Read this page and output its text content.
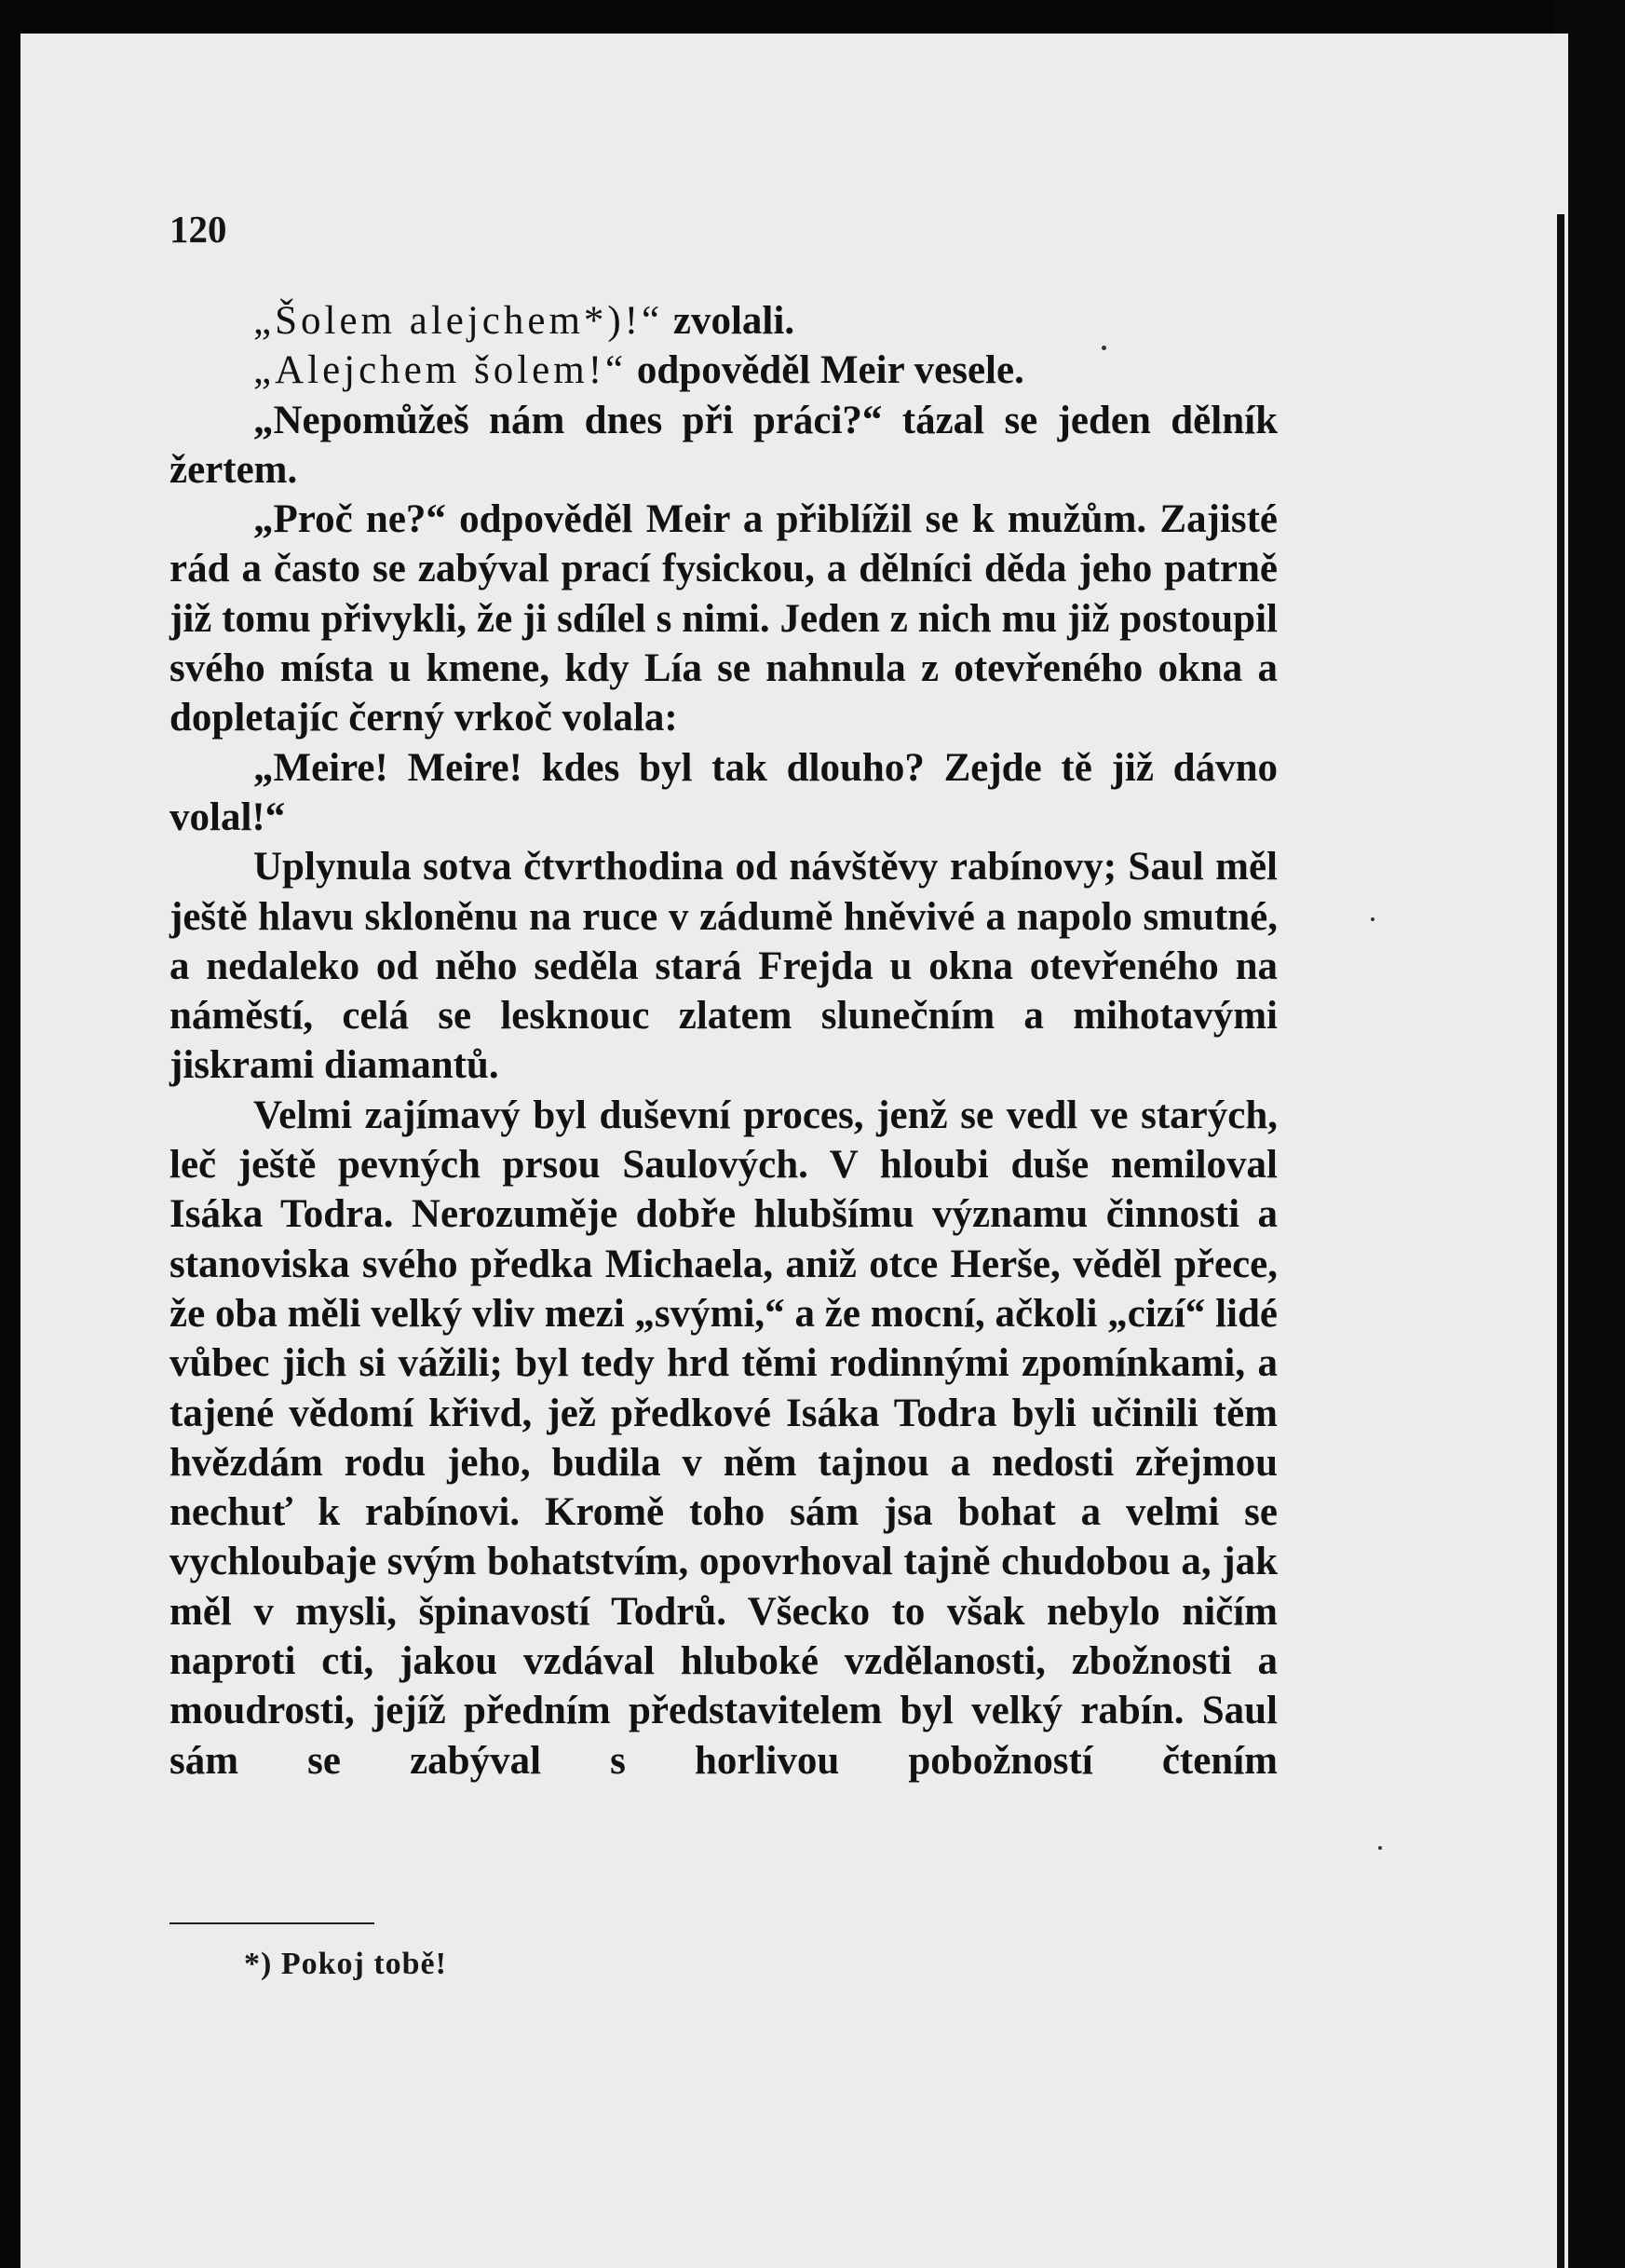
120

„Šolem alejchem*)!“ zvolali.

„Alejchem šolem!“ odpověděl Meir vesele.

„Nepomůžeš nám dnes při práci?“ tázal se jeden dělník žertem.

„Proč ne?“ odpověděl Meir a přiblížil se k mužům. Zajisté rád a často se zabýval prací fysickou, a dělníci děda jeho patrně již tomu přivykli, že ji sdílel s nimi. Jeden z nich mu již postoupil svého místa u kmene, kdy Lía se nahnula z otevřeného okna a dopletajíc černý vrkoč volala:

„Meire! Meire! kdes byl tak dlouho? Zejde tě již dávno volal!“

Uplynula sotva čtvrthodina od návštěvy rabínovy; Saul měl ještě hlavu skloněnu na ruce v zádumě hněvivé a napolo smutné, a nedaleko od něho seděla stará Frejda u okna otevřeného na náměstí, celá se lesknouc zlatem slunečním a mihotavými jiskrami diamantů.

Velmi zajímavý byl duševní proces, jenž se vedl ve starých, leč ještě pevných prsou Saulových. V hloubi duše nemiloval Isáka Todra. Nerozuměje dobře hlubšímu významu činnosti a stanoviska svého předka Michaela, aniž otce Herše, věděl přece, že oba měli velký vliv mezi „svými,“ a že mocní, ačkoli „cizí“ lidé vůbec jich si vážili; byl tedy hrd těmi rodinnými zpomínkami, a tajené vědomí křivd, jež předkové Isáka Todra byli učinili těm hvězdám rodu jeho, budila v něm tajnou a nedosti zřejmou nechuť k rabínovi. Kromě toho sám jsa bohat a velmi se vychloubaje svým bohatstvím, opovrhoval tajně chudobou a, jak měl v mysli, špinavostí Todrů. Všecko to však nebylo ničím naproti cti, jakou vzdával hluboké vzdělanosti, zbožnosti a moudrosti, jejíž předním představitelem byl velký rabín. Saul sám se zabýval s horlivou pobožností čtením

*) Pokoj tobě!
